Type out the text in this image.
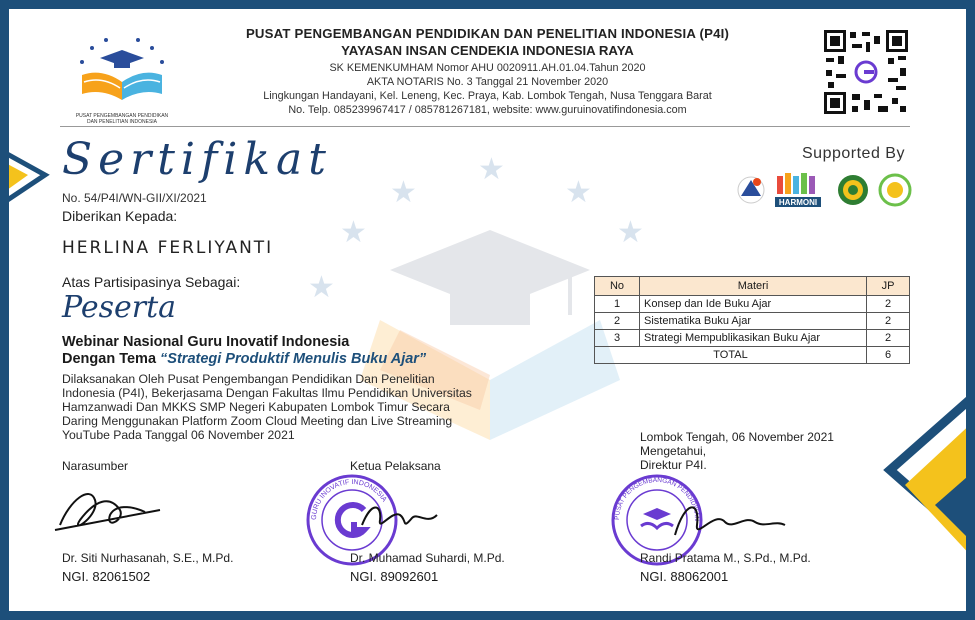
★
★
★
★
★
★
PUSAT PENGEMBANGAN PENDIDIKAN
DAN PENELITIAN INDONESIA
PUSAT PENGEMBANGAN PENDIDIKAN DAN PENELITIAN INDONESIA (P4I)
YAYASAN INSAN CENDEKIA INDONESIA RAYA
SK KEMENKUMHAM Nomor AHU 0020911.AH.01.04.Tahun 2020
AKTA NOTARIS No. 3 Tanggal 21 November 2020
Lingkungan Handayani, Kel. Leneng, Kec. Praya, Kab. Lombok Tengah, Nusa Tenggara Barat
No. Telp. 085239967417 / 085781267181, website: www.guruinovatifindonesia.com
Sertifikat	Supported By
HARMONI
No. 54/P4I/WN-GII/XI/2021
Diberikan Kepada:
HERLINA FERLIYANTI
Atas Partisipasinya Sebagai:
Peserta
Webinar Nasional Guru Inovatif Indonesia
Dengan Tema “Strategi Produktif Menulis Buku Ajar”
Dilaksanakan Oleh Pusat Pengembangan Pendidikan Dan Penelitian Indonesia (P4I), Bekerjasama Dengan Fakultas Ilmu Pendidikan Universitas Hamzanwadi Dan MKKS SMP Negeri Kabupaten Lombok Timur Secara Daring Menggunakan Platform Zoom Cloud Meeting dan Live Streaming YouTube Pada Tanggal 06 November 2021
No	Materi	JP
1	Konsep dan Ide Buku Ajar	2
2	Sistematika Buku Ajar	2
3	Strategi Mempublikasikan Buku Ajar	2
TOTAL		6
Lombok Tengah, 06 November 2021
Mengetahui,
Direktur P4I.
Narasumber	Ketua Pelaksana
GURU INOVATIF INDONESIA
PUSAT PENGEMBANGAN PENDIDIKAN
Dr. Siti Nurhasanah, S.E., M.Pd.
NGI. 82061502
Dr. Muhamad Suhardi, M.Pd.
NGI. 89092601
Randi Pratama M., S.Pd., M.Pd.
NGI. 88062001
